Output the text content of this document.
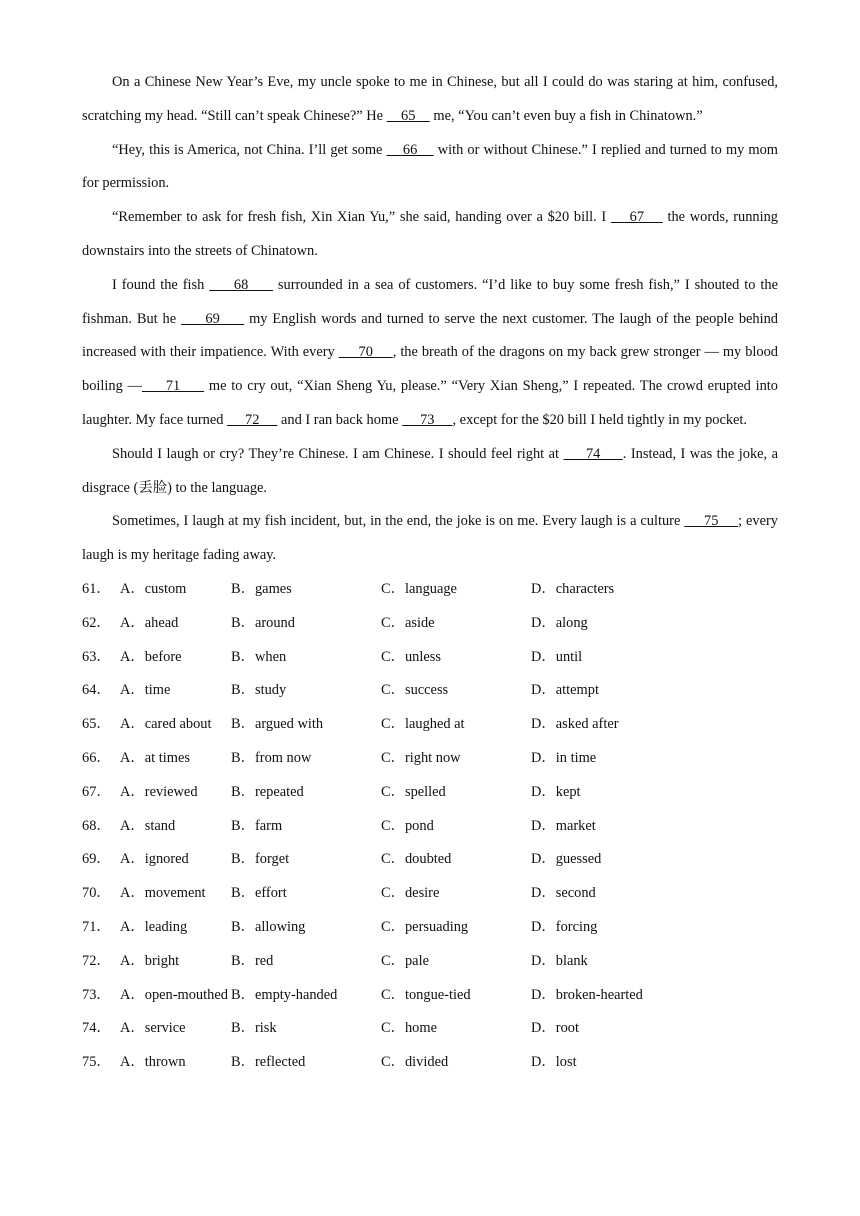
On a Chinese New Year’s Eve, my uncle spoke to me in Chinese, but all I could do was staring at him, confused, scratching my head. “Still can’t speak Chinese?” He     65     me, “You can’t even buy a fish in Chinatown.”

“Hey, this is America, not China. I’ll get some     66     with or without Chinese.” I replied and turned to my mom for permission.

“Remember to ask for fresh fish, Xin Xian Yu,” she said, handing over a $20 bill. I     67     the words, running downstairs into the streets of Chinatown.

I found the fish      68      surrounded in a sea of customers. “I’d like to buy some fresh fish,” I shouted to the fishman. But he      69      my English words and turned to serve the next customer. The laugh of the people behind increased with their impatience. With every      70     , the breath of the dragons on my back grew stronger — my blood boiling —     71      me to cry out, “Xian Sheng Yu, please.” “Very Xian Sheng,” I repeated. The crowd erupted into laughter. My face turned      72      and I ran back home      73     , except for the $20 bill I held tightly in my pocket.

Should I laugh or cry? They’re Chinese. I am Chinese. I should feel right at      74     . Instead, I was the joke, a disgrace (丢脸) to the language.

Sometimes, I laugh at my fish incident, but, in the end, the joke is on me. Every laugh is a culture      75     ; every laugh is my heritage fading away.

61． A．custom	B．games	C．language	D．characters
62． A．ahead	B．around	C．aside	D．along
63． A．before	B．when	C．unless	D．until
64． A．time	B．study	C．success	D．attempt
65． A．cared about	B．argued with	C．laughed at	D．asked after
66． A．at times	B．from now	C．right now	D．in time
67． A．reviewed	B．repeated	C．spelled	D．kept
68． A．stand	B．farm	C．pond	D．market
69． A．ignored	B．forget	C．doubted	D．guessed
70． A．movement	B．effort	C．desire	D．second
71． A．leading	B．allowing	C．persuading	D．forcing
72． A．bright	B．red	C．pale	D．blank
73． A．open-mouthed B．empty-handed	C．tongue-tied	D．broken-hearted
74． A．service	B．risk	C．home	D．root
75． A．thrown	B．reflected	C．divided	D．lost
